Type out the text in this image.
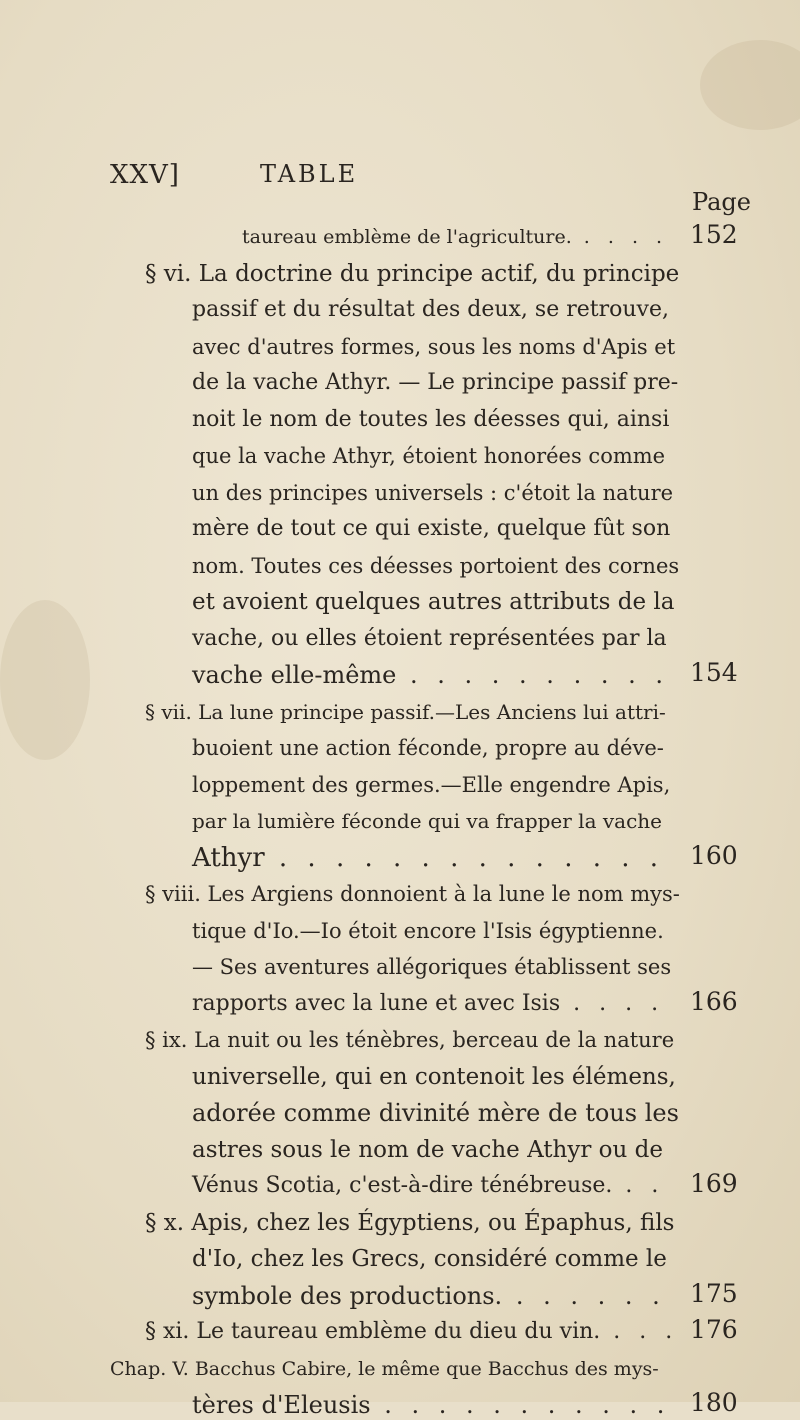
XXV]	TABLE
Page
taureau emblème de l'agriculture. . . . . 152
§ vi. La doctrine du principe actif, du principe
passif et du résultat des deux, se retrouve,
avec d'autres formes, sous les noms d'Apis et
de la vache Athyr. — Le principe passif pre-
noit le nom de toutes les déesses qui, ainsi
que la vache Athyr, étoient honorées comme
un des principes universels : c'étoit la nature
mère de tout ce qui existe, quelque fût son
nom. Toutes ces déesses portoient des cornes
et avoient quelques autres attributs de la
vache, ou elles étoient représentées par la
vache elle-même . . . . . . . . . . 154
§ vii. La lune principe passif.—Les Anciens lui attri-
buoient une action féconde, propre au déve-
loppement des germes.—Elle engendre Apis,
par la lumière féconde qui va frapper la vache
Athyr . . . . . . . . . . . . . . 160
§ viii. Les Argiens donnoient à la lune le nom mys-
tique d'Io.—Io étoit encore l'Isis égyptienne.
— Ses aventures allégoriques établissent ses
rapports avec la lune et avec Isis . . . . 166
§ ix. La nuit ou les ténèbres, berceau de la nature
universelle, qui en contenoit les élémens,
adorée comme divinité mère de tous les
astres sous le nom de vache Athyr ou de
Vénus Scotia, c'est-à-dire ténébreuse. . . 169
§ x. Apis, chez les Égyptiens, ou Épaphus, fils
d'Io, chez les Grecs, considéré comme le
symbole des productions. . . . . . . 175
§ xi. Le taureau emblème du dieu du vin. . . . 176
Chap. V. Bacchus Cabire, le même que Bacchus des mys-
tères d'Eleusis . . . . . . . . . . . 180
